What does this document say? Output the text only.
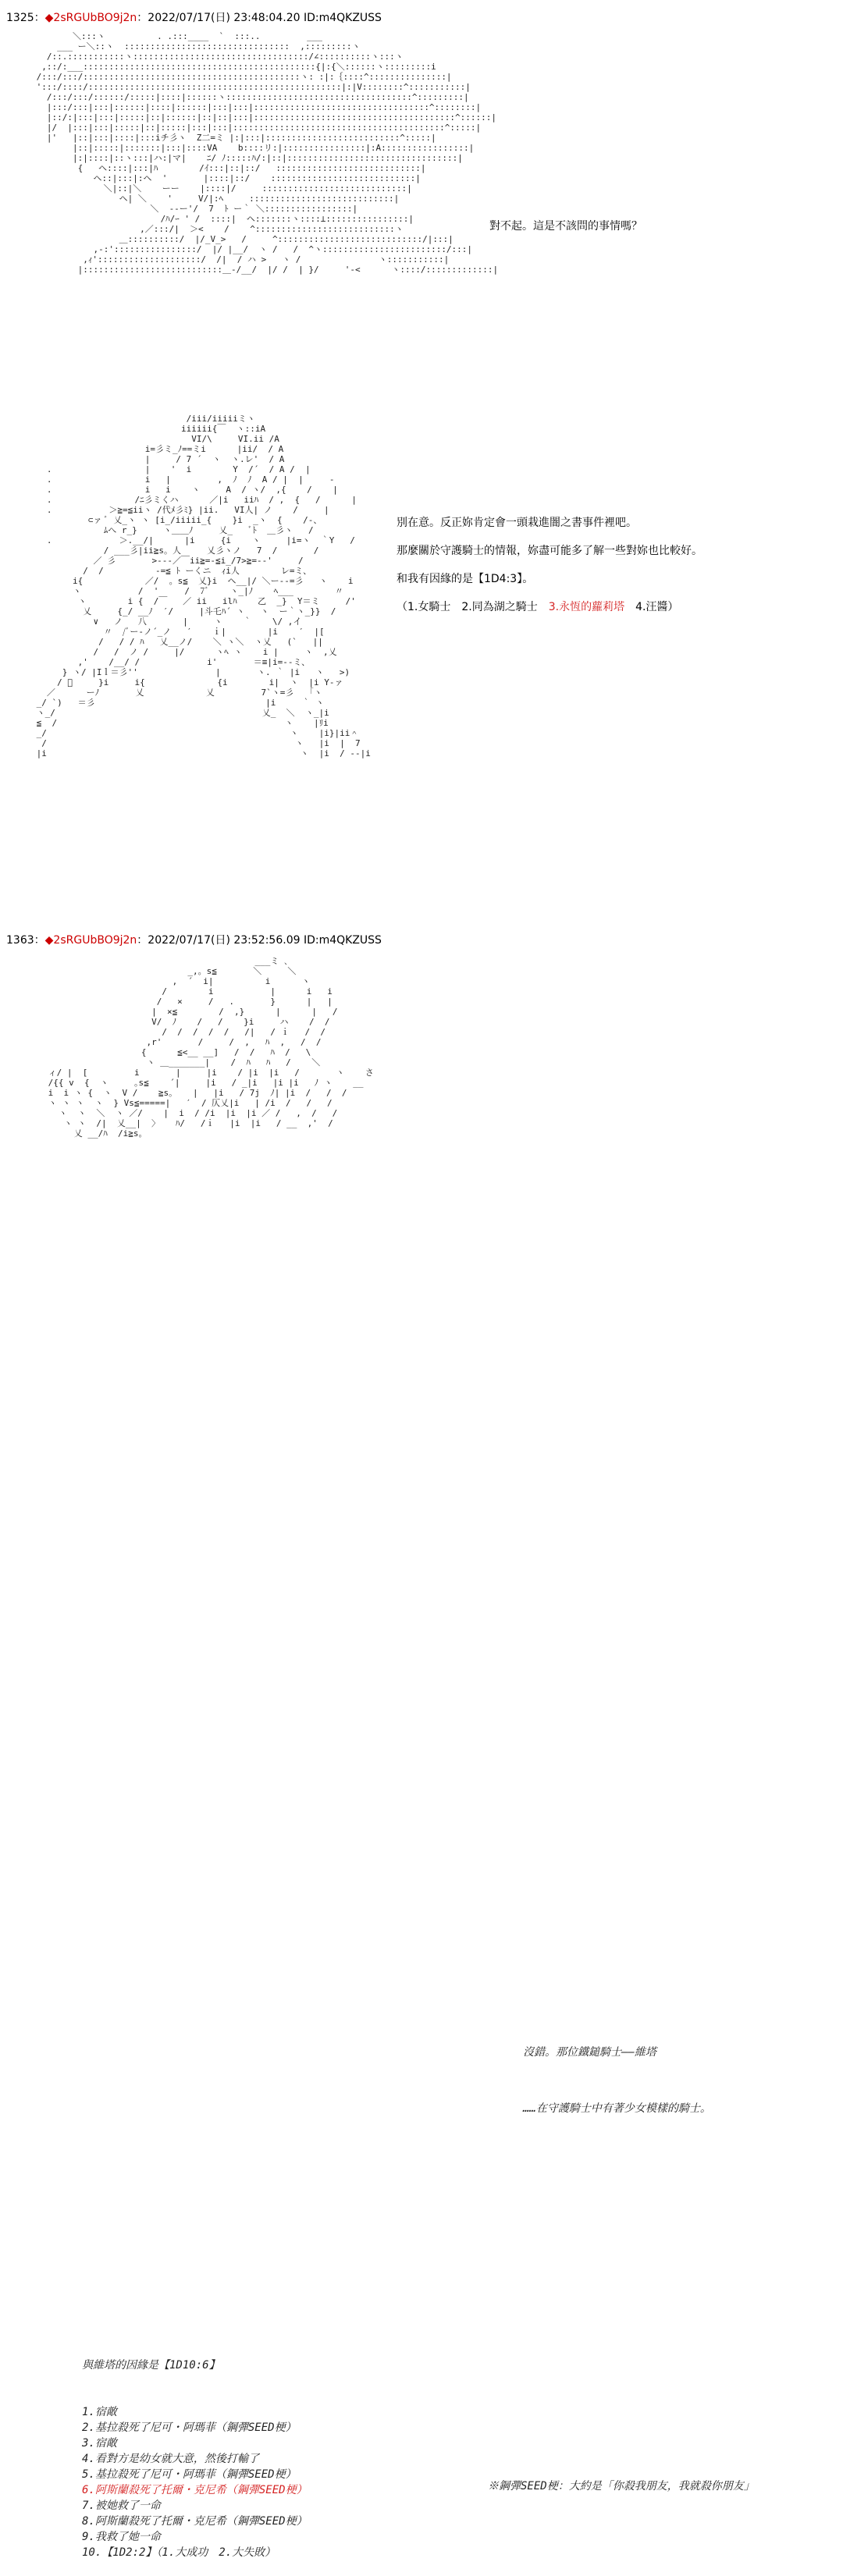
1325：◆2sRGUbBO9j2n：2022/07/17(日) 23:48:04.20 ID:m4QKZUSS
＼:::ヽ          . .:::____  `  :::..         ___
___ ー＼::ヽ  ::::::::::::::::::::::::::::::::  ,:::::::::ヽ
/::.:::::::::::ヽ::::::::::::::::::::::::::::::::::/∠::::::::::ヽ:::ヽ
,::/:___:::::::::::::::::::::::::::::::::::::::::::::{|:{＼::::::ヽ:::::::::i
/:::/:::/::::::::::::::::::::::::::::::::::::::::::ヽ: :|:｛::::^:::::::::::::::|
':::/::::/:::::::::::::::::::::::::::::::::::::::::::::::::|:|V::::::::^:::::::::::|
/:::/:::/::::::/:::::|::::|::::::ヽ::::::::::::::::::::::::::::::::::::^:::::::::|
|:::/:::|:::|::::::|::::|::::::|:::|:::|::::::::::::::::::::::::::::::::::^::::::::|
|::/:|:::|:::|:::::|::|::::::|::|::|:::|:::::::::::::::::::::::::::::::::::::::^::::::|
|/  |:::|:::|:::::|::|:::::|:::|:::|:::::::::::::::::::::::::::::::::::::::::^:::::|
|'   |::|:::|::::|:::iチ彡ヽ  Z二=ミ |:|:::|::::::::::::::::::::::::::^:::::|
|::|:::::|:::::::|:::|::::VA    b::::リ:|::::::::::::::::|:A:::::::::::::::::|
|:|::::|::ヽ:::|ハ:|マ|    ﾆ/ ﾉ:::::ﾊ/:|::|:::::::::::::::::::::::::::::::::|
{   ヘ::::|:::|ﾊ        /ｲ:::|::|::/   ::::::::::::::::::::::::::::|
ヘ::|:::|:ヘ  '       |::::|::/    ::::::::::::::::::::::::::::|
＼|::|＼    ーー    |::::|/     ::::::::::::::::::::::::::::|
ヘ| ＼    '     V/|:ﾍ     ::::::::::::::::::::::::::::|
＼  --ー'/  7  ﾄ ー｀ ＼:::::::::::::::::|
/ﾊ/ｰ ' /  ::::|  ヘ:::::::ヽ::::⊥::::::::::::::::|
,／:::/|  ＞<    /    ^:::::::::::::::::::::::::::ヽ
＿::::::::::/  |/_V_>   /     ^::::::::::::::::::::::::::::/|:::|
,-:'::::::::::::::::/  |/ |__/  ヽ /   /  ^ヽ::::::::::::::::::::::::/:::|
,ｨ'::::::::::::::::::::/  /|  / ハ >   ヽ /               ヽ:::::::::::|
|:::::::::::::::::::::::::::＿-/__/  |/ /  | }/     '-<      ヽ::::/:::::::::::::|

對不起。這是不該問的事情嗎？
/iii/iiiiiミヽ
iiiiii{￣  ヽ::iA
VI/\     VI.ii /A
i=彡ミ_ﾉ==ミi      |ii/  / A
|     / 7 ´  ヽ  ヽ.レ'  / A
.                  |    '  i        Y  /´  / A /  |
.                  i   |         ,  ﾉ  ﾉ  A / |  |     -
.                  i   i    ヽ     A  / ヽ/  ,{    /    |
.                /ﾆ彡ミくハ      ／|i   iiﾊ  / ,  {   /      |
.           ＞≧=≦iiヽ /代ﾒ彡ﾐ} |ii.   VI人| ノ    /     |
⊂ァ ﾞ 乂_ヽ ヽ [i_/iiiii_{    }i  _ヽ  {    /-、
ﾑへ r_}     ヽ＿＿ﾉ     乂_   ﾞﾄ  ＿彡ヽ   /
.             ＞.__/|      |i     {i    ヽ     |i=ヽ  ｀Y   /
/ ___彡|ii≧s。人     乂彡ヽノ   7  /       /
／ 彡       >---／￣ii≧=-≦i_/7>≧=--'     /
/  /          -=≦ ﾄ ーくニ  ｨi人        レ=ミ、
i{            ／/  。s≦  乂}i  ヘ__|/ ＼ー--=彡   ヽ    i
ヽ           /  '     /  7ﾞ    ヽ_|ﾉ    ﾍ___        〃
ヽ        i {  /￣   ／ ii   ilﾊ    乙  _}  Y＝ミ     /'
乂     {_/ __ﾉ  ′/     |斗乇ﾊ´ ヽ   ヽ  ー｀ヽ_}}  /
∨   ノ   八       |     ヽ    ｀    \/ ,イ
〃  /ﾞー-ノ´_ノ   ′    ｉ|        |i    ′  |[
/   / / ﾊ   乂__ノ/    ＼ ヽ＼  ヽ乂   (`   ||
/   /  ノ /     |/      ヽﾍ ヽ    i |     ヽ  ,乂
,'    /__/ /             i'       ＝≡|i=--ミ、
} ヽ/ |Iｌ＝彡''               |       ヽ. ｀ |i   ヽ   >)
/ ﾟ     }i     i{              {i        i|  ヽ  |i Y-ァ
／      ーﾉ       乂            乂         7`ヽ=彡   ｢ヽ
_/ `)   ＝彡                                 |i     ｀ ヽ
ヽ_/                                        乂_  ＼  ヽ_|i
≦  /                                            ヽ    |ﾘi
_/                                               ヽ    |i}|ii＾
/                                                ヽ   |i  |  7
|i                                                 ヽ  |i  / --|i

別在意。反正妳肯定會一頭栽進闇之書事件裡吧。
那麼關於守護騎士的情報，妳盡可能多了解一些對妳也比較好。
和我有因緣的是【1D4:3】。
（1.女騎士　2.同為湖之騎士　3.永恆的蘿莉塔　4.汪醬）
1363：◆2sRGUbBO9j2n：2022/07/17(日) 23:52:56.09 ID:m4QKZUSS
___ミ ､
_,。s≦       ＼     ＼
,  ´  i|          i      ヽ
/        i           |      i   i
/   ×     /   .       }      |   |
|  ×≦        /  ,}      |      |   /
V/  ﾉ    /   /    }i     ハ    /  /
/  /  /  /  /   /|   / ｉ   /  /
,r'       /     /  ,   ﾊ  ,   /  /
{      ≦<__ __]   /  /   ﾊ  /   \
ヽ ＿_______|    /  ﾊ   ﾊ   /    ＼
ィ/ |  [         i       |     |i    / |i  |i   /       ヽ    さ
/{{ v  {  ヽ     ｡s≦    ´|     |i   / _|i   |i |i   ﾉ ヽ    __
i  i ヽ {  ヽ  V /    ≧s。   |   |i   / 7j  ﾉ| |i  /   /  /
ヽ ヽ ヽ  ヽ  } Vs≦=====|   ′  / 仄乂|i   | /i  /   /   /
ヽ  ヽ  ＼  ヽ ／/    |  i  / /i  |i  |i ／ /   ,  /   /
ヽ ヽ  /|  乂__|  〉   ﾊ/   /ｉ   |i  |i   / __  ,'  /
乂 __/ﾊ  /i≧s。

沒錯。那位鐵鎚騎士——維塔

……在守護騎士中有著少女模樣的騎士。

與維塔的因緣是【1D10:6】

1.宿敵
2.基拉殺死了尼可・阿瑪菲（鋼彈SEED梗）
3.宿敵
4.看對方是幼女就大意，然後打輸了
5.基拉殺死了尼可・阿瑪菲（鋼彈SEED梗）
6.阿斯蘭殺死了托爾・克尼希（鋼彈SEED梗）
7.被她救了一命
8.阿斯蘭殺死了托爾・克尼希（鋼彈SEED梗）
9.我救了她一命
10.【1D2:2】（1.大成功　2.大失敗）

※鋼彈SEED梗：大約是「你殺我朋友，我就殺你朋友」
